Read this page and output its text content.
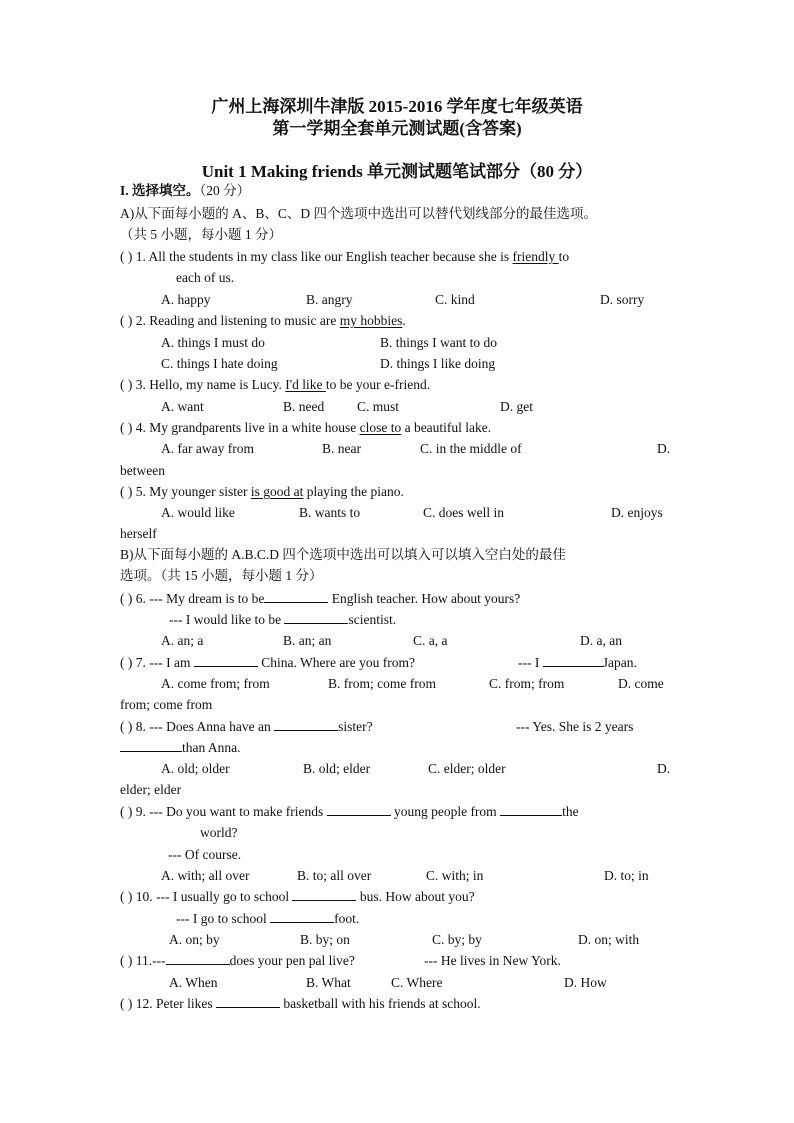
广州上海深圳牛津版 2015-2016 学年度七年级英语
第一学期全套单元测试题(含答案)
Unit 1 Making friends 单元测试题笔试部分（80 分）
I. 选择填空。（20 分）
A)从下面每小题的 A、B、C、D 四个选项中选出可以替代划线部分的最佳选项。
（共 5 小题，每小题 1 分）
( ) 1. All the students in my class like our English teacher because she is friendly to
each of us.
A. happy	B. angry	C. kind	D. sorry
( ) 2. Reading and listening to music are my hobbies.
A. things I must do	B. things I want to do
C. things I hate doing	D. things I like doing
( ) 3. Hello, my name is Lucy. I'd like to be your e-friend.
A. want	B. need C. must	D. get
( ) 4. My grandparents live in a white house close to a beautiful lake.
A. far away from	B. near	C. in the middle of	D.
between
( ) 5. My younger sister is good at playing the piano.
A. would like	B. wants to	C. does well in	D. enjoys
herself
B)从下面每小题的 A.B.C.D 四个选项中选出可以填入可以填入空白处的最佳
选项。（共 15 小题，每小题 1 分）
( ) 6. --- My dream is to be	English teacher. How about yours?
--- I would like to be	scientist.
A. an; a	B. an; an	C. a, a	D. a, an
( ) 7. --- I am	China. Where are you from?	--- I	Japan.
A. come from; from	B. from; come from	C. from; from	D. come
from; come from
( ) 8. --- Does Anna have an	sister?	--- Yes. She is 2 years
than Anna.
A. old; older	B. old; elder	C. elder; older	D.
elder; elder
( ) 9. --- Do you want to make friends	young people from	the
world?
--- Of course.
A. with; all over	B. to; all over	C. with; in	D. to; in
( ) 10. --- I usually go to school	bus. How about you?
--- I go to school	foot.
A. on; by	B. by; on	C. by; by	D. on; with
( ) 11.---	does your pen pal live?	--- He lives in New York.
A. When	B. What	C. Where	D. How
( ) 12. Peter likes	basketball with his friends at school.
